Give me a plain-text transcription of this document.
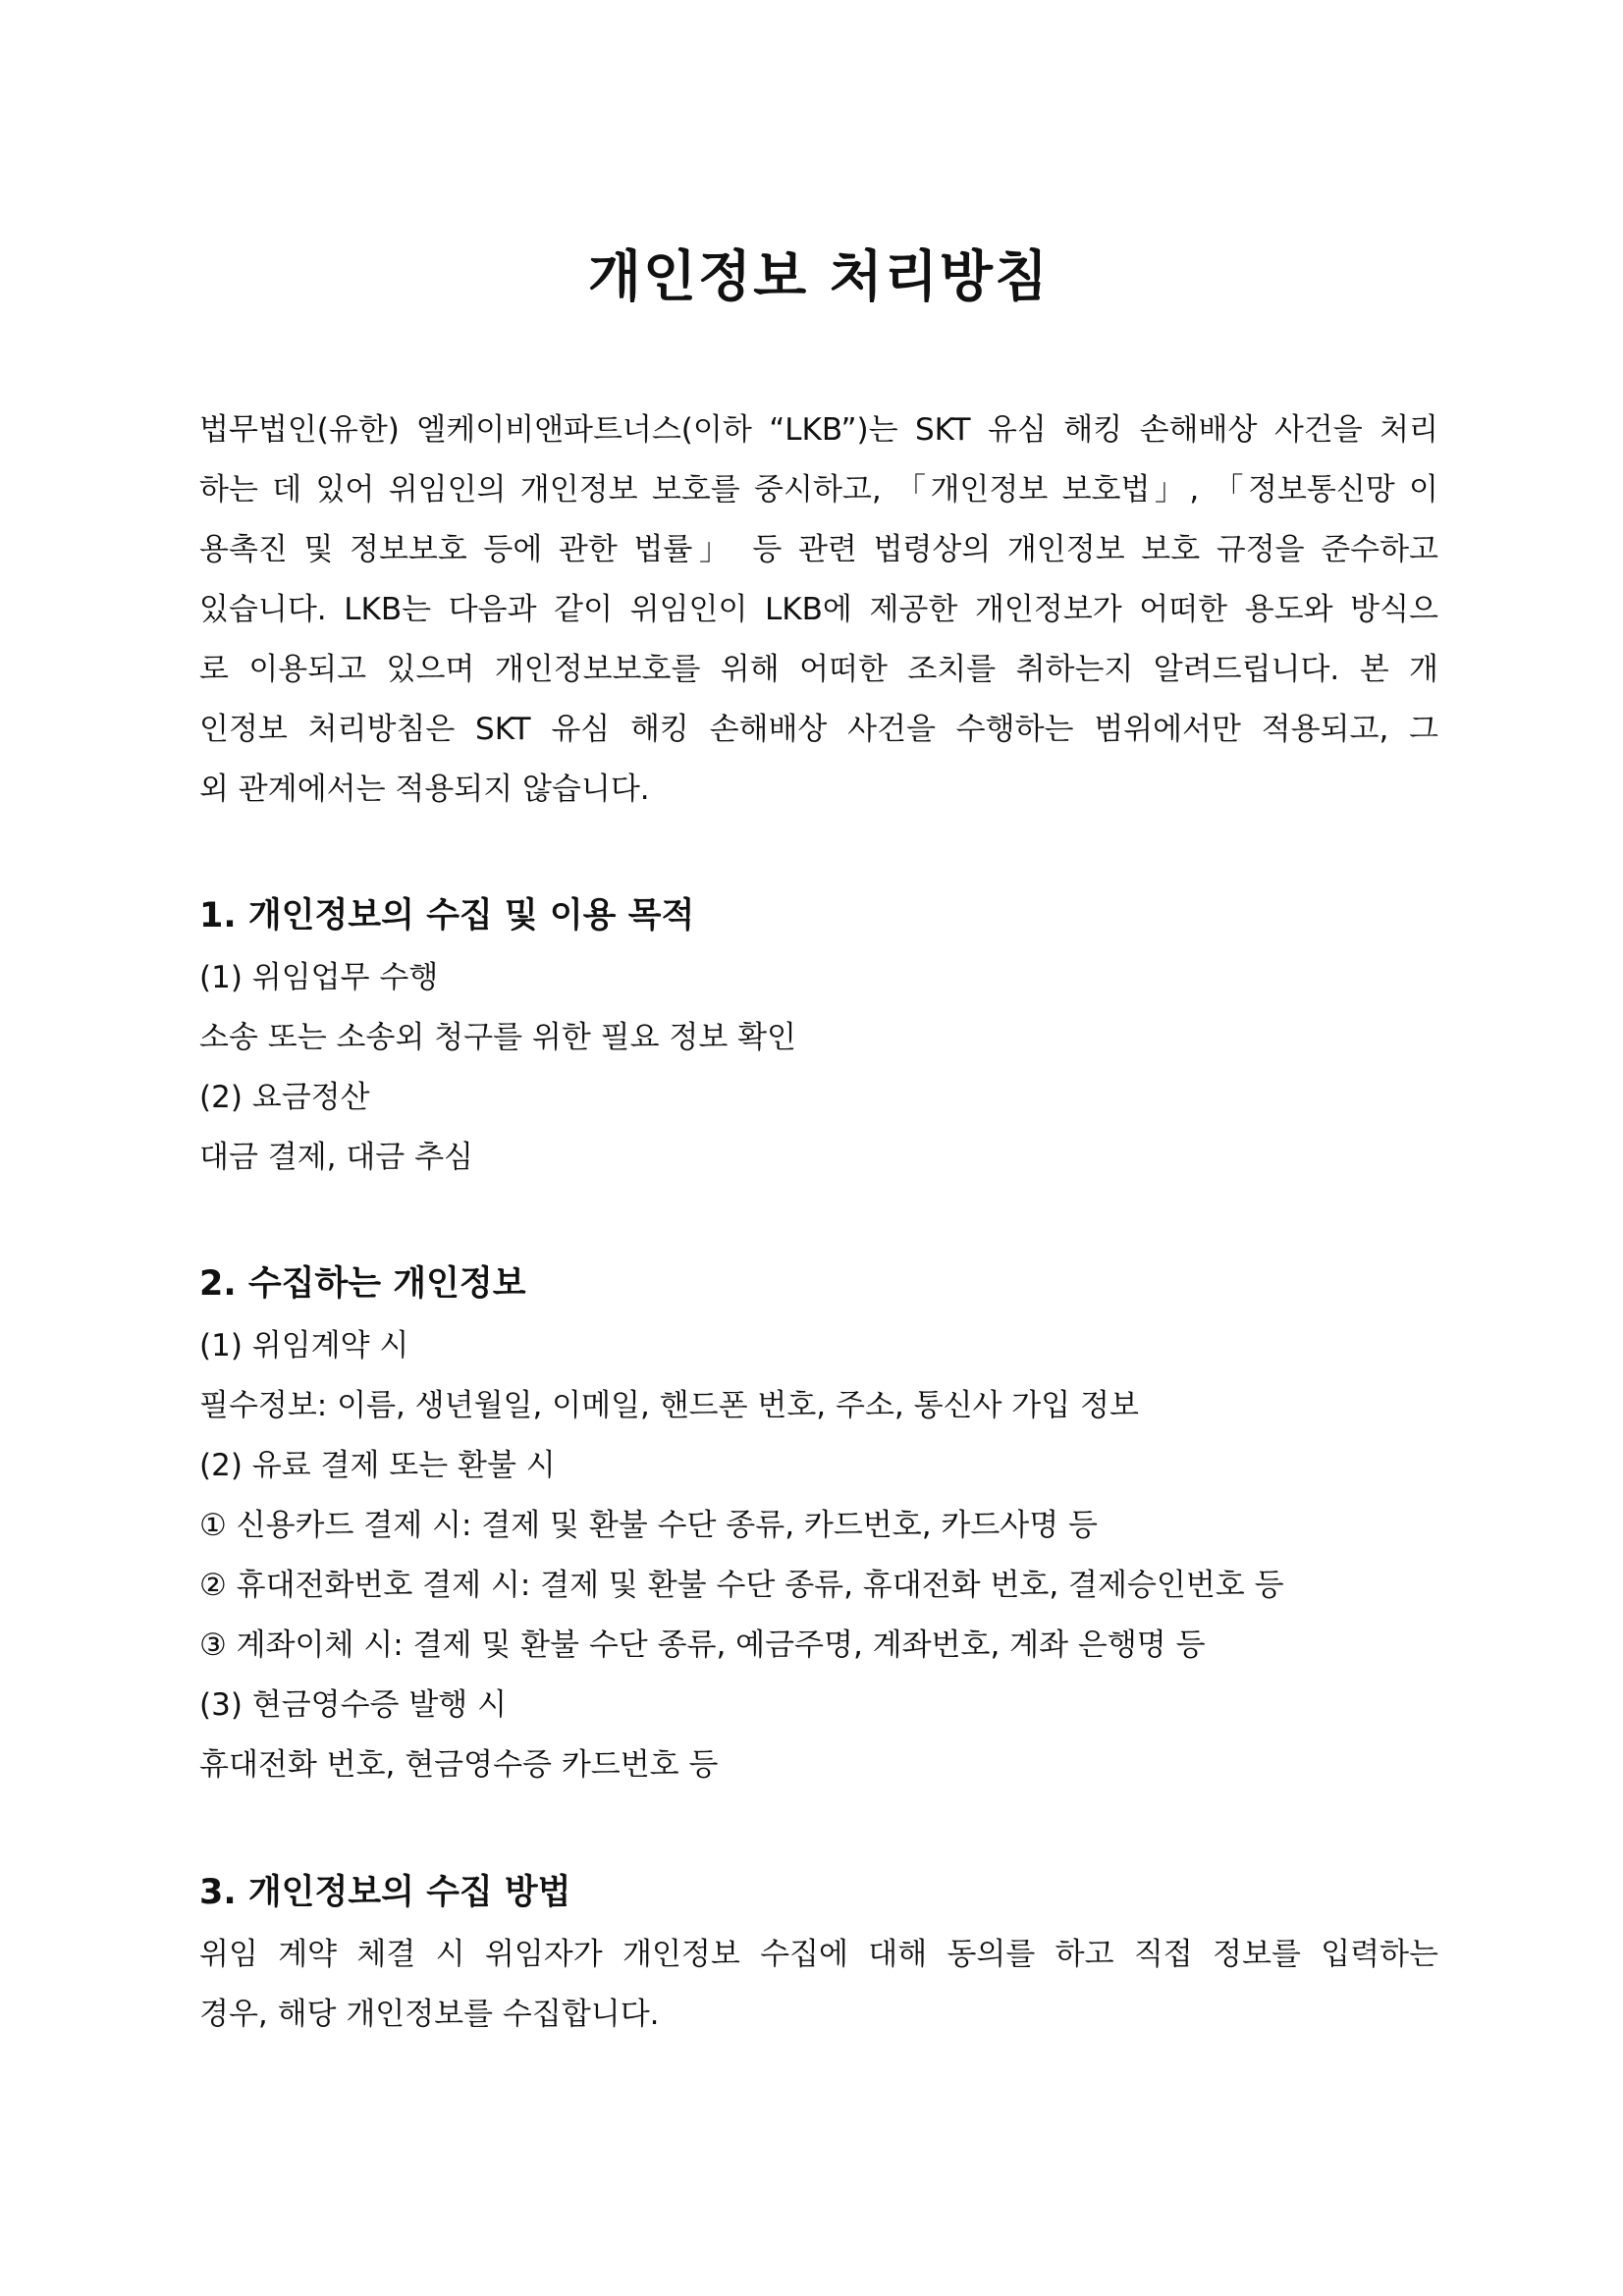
개인정보 처리방침
법무법인(유한) 엘케이비앤파트너스(이하 “LKB”)는 SKT 유심 해킹 손해배상 사건을 처리
하는 데 있어 위임인의 개인정보 보호를 중시하고, 「개인정보 보호법」, 「정보통신망 이
용촉진 및 정보보호 등에 관한 법률」 등 관련 법령상의 개인정보 보호 규정을 준수하고
있습니다. LKB는 다음과 같이 위임인이 LKB에 제공한 개인정보가 어떠한 용도와 방식으
로 이용되고 있으며 개인정보보호를 위해 어떠한 조치를 취하는지 알려드립니다. 본 개
인정보 처리방침은 SKT 유심 해킹 손해배상 사건을 수행하는 범위에서만 적용되고, 그
외 관계에서는 적용되지 않습니다.
1. 개인정보의 수집 및 이용 목적
(1) 위임업무 수행
소송 또는 소송외 청구를 위한 필요 정보 확인
(2) 요금정산
대금 결제, 대금 추심
2. 수집하는 개인정보
(1) 위임계약 시
필수정보: 이름, 생년월일, 이메일, 핸드폰 번호, 주소, 통신사 가입 정보
(2) 유료 결제 또는 환불 시
① 신용카드 결제 시: 결제 및 환불 수단 종류, 카드번호, 카드사명 등
② 휴대전화번호 결제 시: 결제 및 환불 수단 종류, 휴대전화 번호, 결제승인번호 등
③ 계좌이체 시: 결제 및 환불 수단 종류, 예금주명, 계좌번호, 계좌 은행명 등
(3) 현금영수증 발행 시
휴대전화 번호, 현금영수증 카드번호 등
3. 개인정보의 수집 방법
위임 계약 체결 시 위임자가 개인정보 수집에 대해 동의를 하고 직접 정보를 입력하는
경우, 해당 개인정보를 수집합니다.
